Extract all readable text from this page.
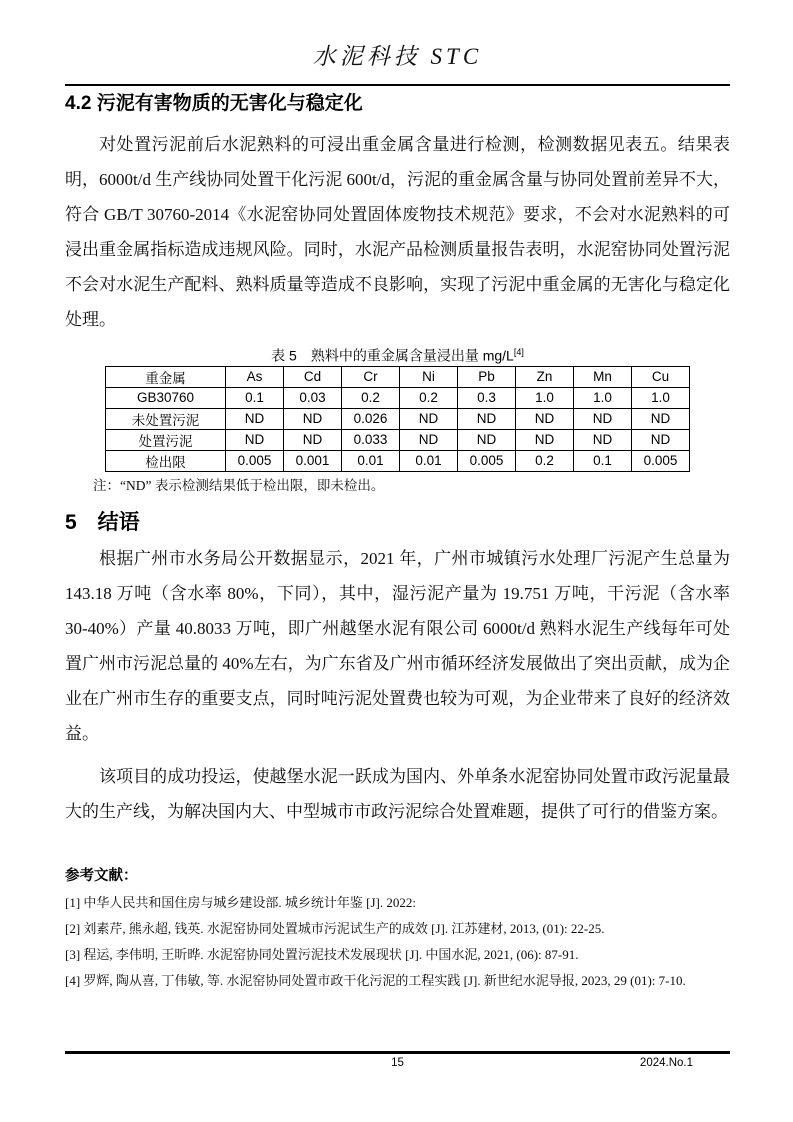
水泥科技 STC
4.2 污泥有害物质的无害化与稳定化

对处置污泥前后水泥熟料的可浸出重金属含量进行检测，检测数据见表五。结果表明，6000t/d 生产线协同处置干化污泥 600t/d，污泥的重金属含量与协同处置前差异不大，符合 GB/T 30760-2014《水泥窑协同处置固体废物技术规范》要求，不会对水泥熟料的可浸出重金属指标造成违规风险。同时，水泥产品检测质量报告表明，水泥窑协同处置污泥不会对水泥生产配料、熟料质量等造成不良影响，实现了污泥中重金属的无害化与稳定化处理。

表 5　熟料中的重金属含量浸出量 mg/L[4]
重金属	As	Cd	Cr	Ni	Pb	Zn	Mn	Cu
GB30760	0.1	0.03	0.2	0.2	0.3	1.0	1.0	1.0
未处置污泥	ND	ND	0.026	ND	ND	ND	ND	ND
处置污泥	ND	ND	0.033	ND	ND	ND	ND	ND
检出限	0.005	0.001	0.01	0.01	0.005	0.2	0.1	0.005
注：“ND” 表示检测结果低于检出限，即未检出。
5　结语

根据广州市水务局公开数据显示，2021 年，广州市城镇污水处理厂污泥产生总量为 143.18 万吨（含水率 80%，下同），其中，湿污泥产量为 19.751 万吨，干污泥（含水率 30-40%）产量 40.8033 万吨，即广州越堡水泥有限公司 6000t/d 熟料水泥生产线每年可处置广州市污泥总量的 40%左右，为广东省及广州市循环经济发展做出了突出贡献，成为企业在广州市生存的重要支点，同时吨污泥处置费也较为可观，为企业带来了良好的经济效益。

该项目的成功投运，使越堡水泥一跃成为国内、外单条水泥窑协同处置市政污泥量最大的生产线，为解决国内大、中型城市市政污泥综合处置难题，提供了可行的借鉴方案。

参考文献：
[1] 中华人民共和国住房与城乡建设部. 城乡统计年鉴 [J]. 2022:
[2] 刘素芹, 熊永超, 钱英. 水泥窑协同处置城市污泥试生产的成效 [J]. 江苏建材, 2013, (01): 22-25.
[3] 程运, 李伟明, 王昕晔. 水泥窑协同处置污泥技术发展现状 [J]. 中国水泥, 2021, (06): 87-91.
[4] 罗辉, 陶从喜, 丁伟敏, 等. 水泥窑协同处置市政干化污泥的工程实践 [J]. 新世纪水泥导报, 2023, 29 (01): 7-10.
15	2024.No.1
